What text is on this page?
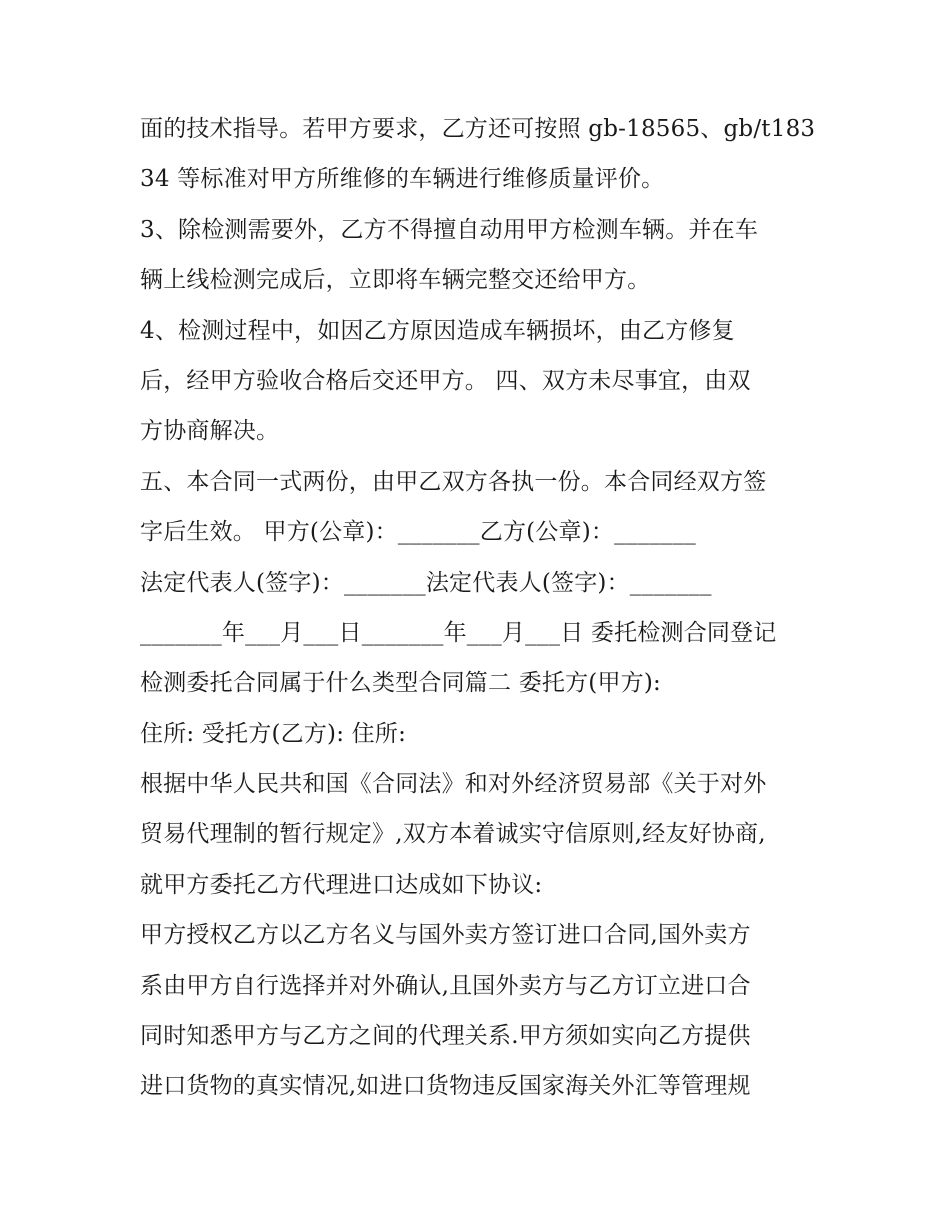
面的技术指导。若甲方要求，乙方还可按照 gb-18565、gb/t183
34 等标准对甲方所维修的车辆进行维修质量评价。
3、除检测需要外，乙方不得擅自动用甲方检测车辆。并在车
辆上线检测完成后，立即将车辆完整交还给甲方。
4、检测过程中，如因乙方原因造成车辆损坏，由乙方修复
后，经甲方验收合格后交还甲方。 四、双方未尽事宜，由双
方协商解决。
五、本合同一式两份，由甲乙双方各执一份。本合同经双方签
字后生效。 甲方(公章)：_______乙方(公章)：_______
法定代表人(签字)：_______法定代表人(签字)：_______
_______年___月___日_______年___月___日 委托检测合同登记
检测委托合同属于什么类型合同篇二 委托方(甲方):
住所: 受托方(乙方): 住所:
根据中华人民共和国《合同法》和对外经济贸易部《关于对外
贸易代理制的暂行规定》,双方本着诚实守信原则,经友好协商,
就甲方委托乙方代理进口达成如下协议:
甲方授权乙方以乙方名义与国外卖方签订进口合同,国外卖方
系由甲方自行选择并对外确认,且国外卖方与乙方订立进口合
同时知悉甲方与乙方之间的代理关系.甲方须如实向乙方提供
进口货物的真实情况,如进口货物违反国家海关外汇等管理规
